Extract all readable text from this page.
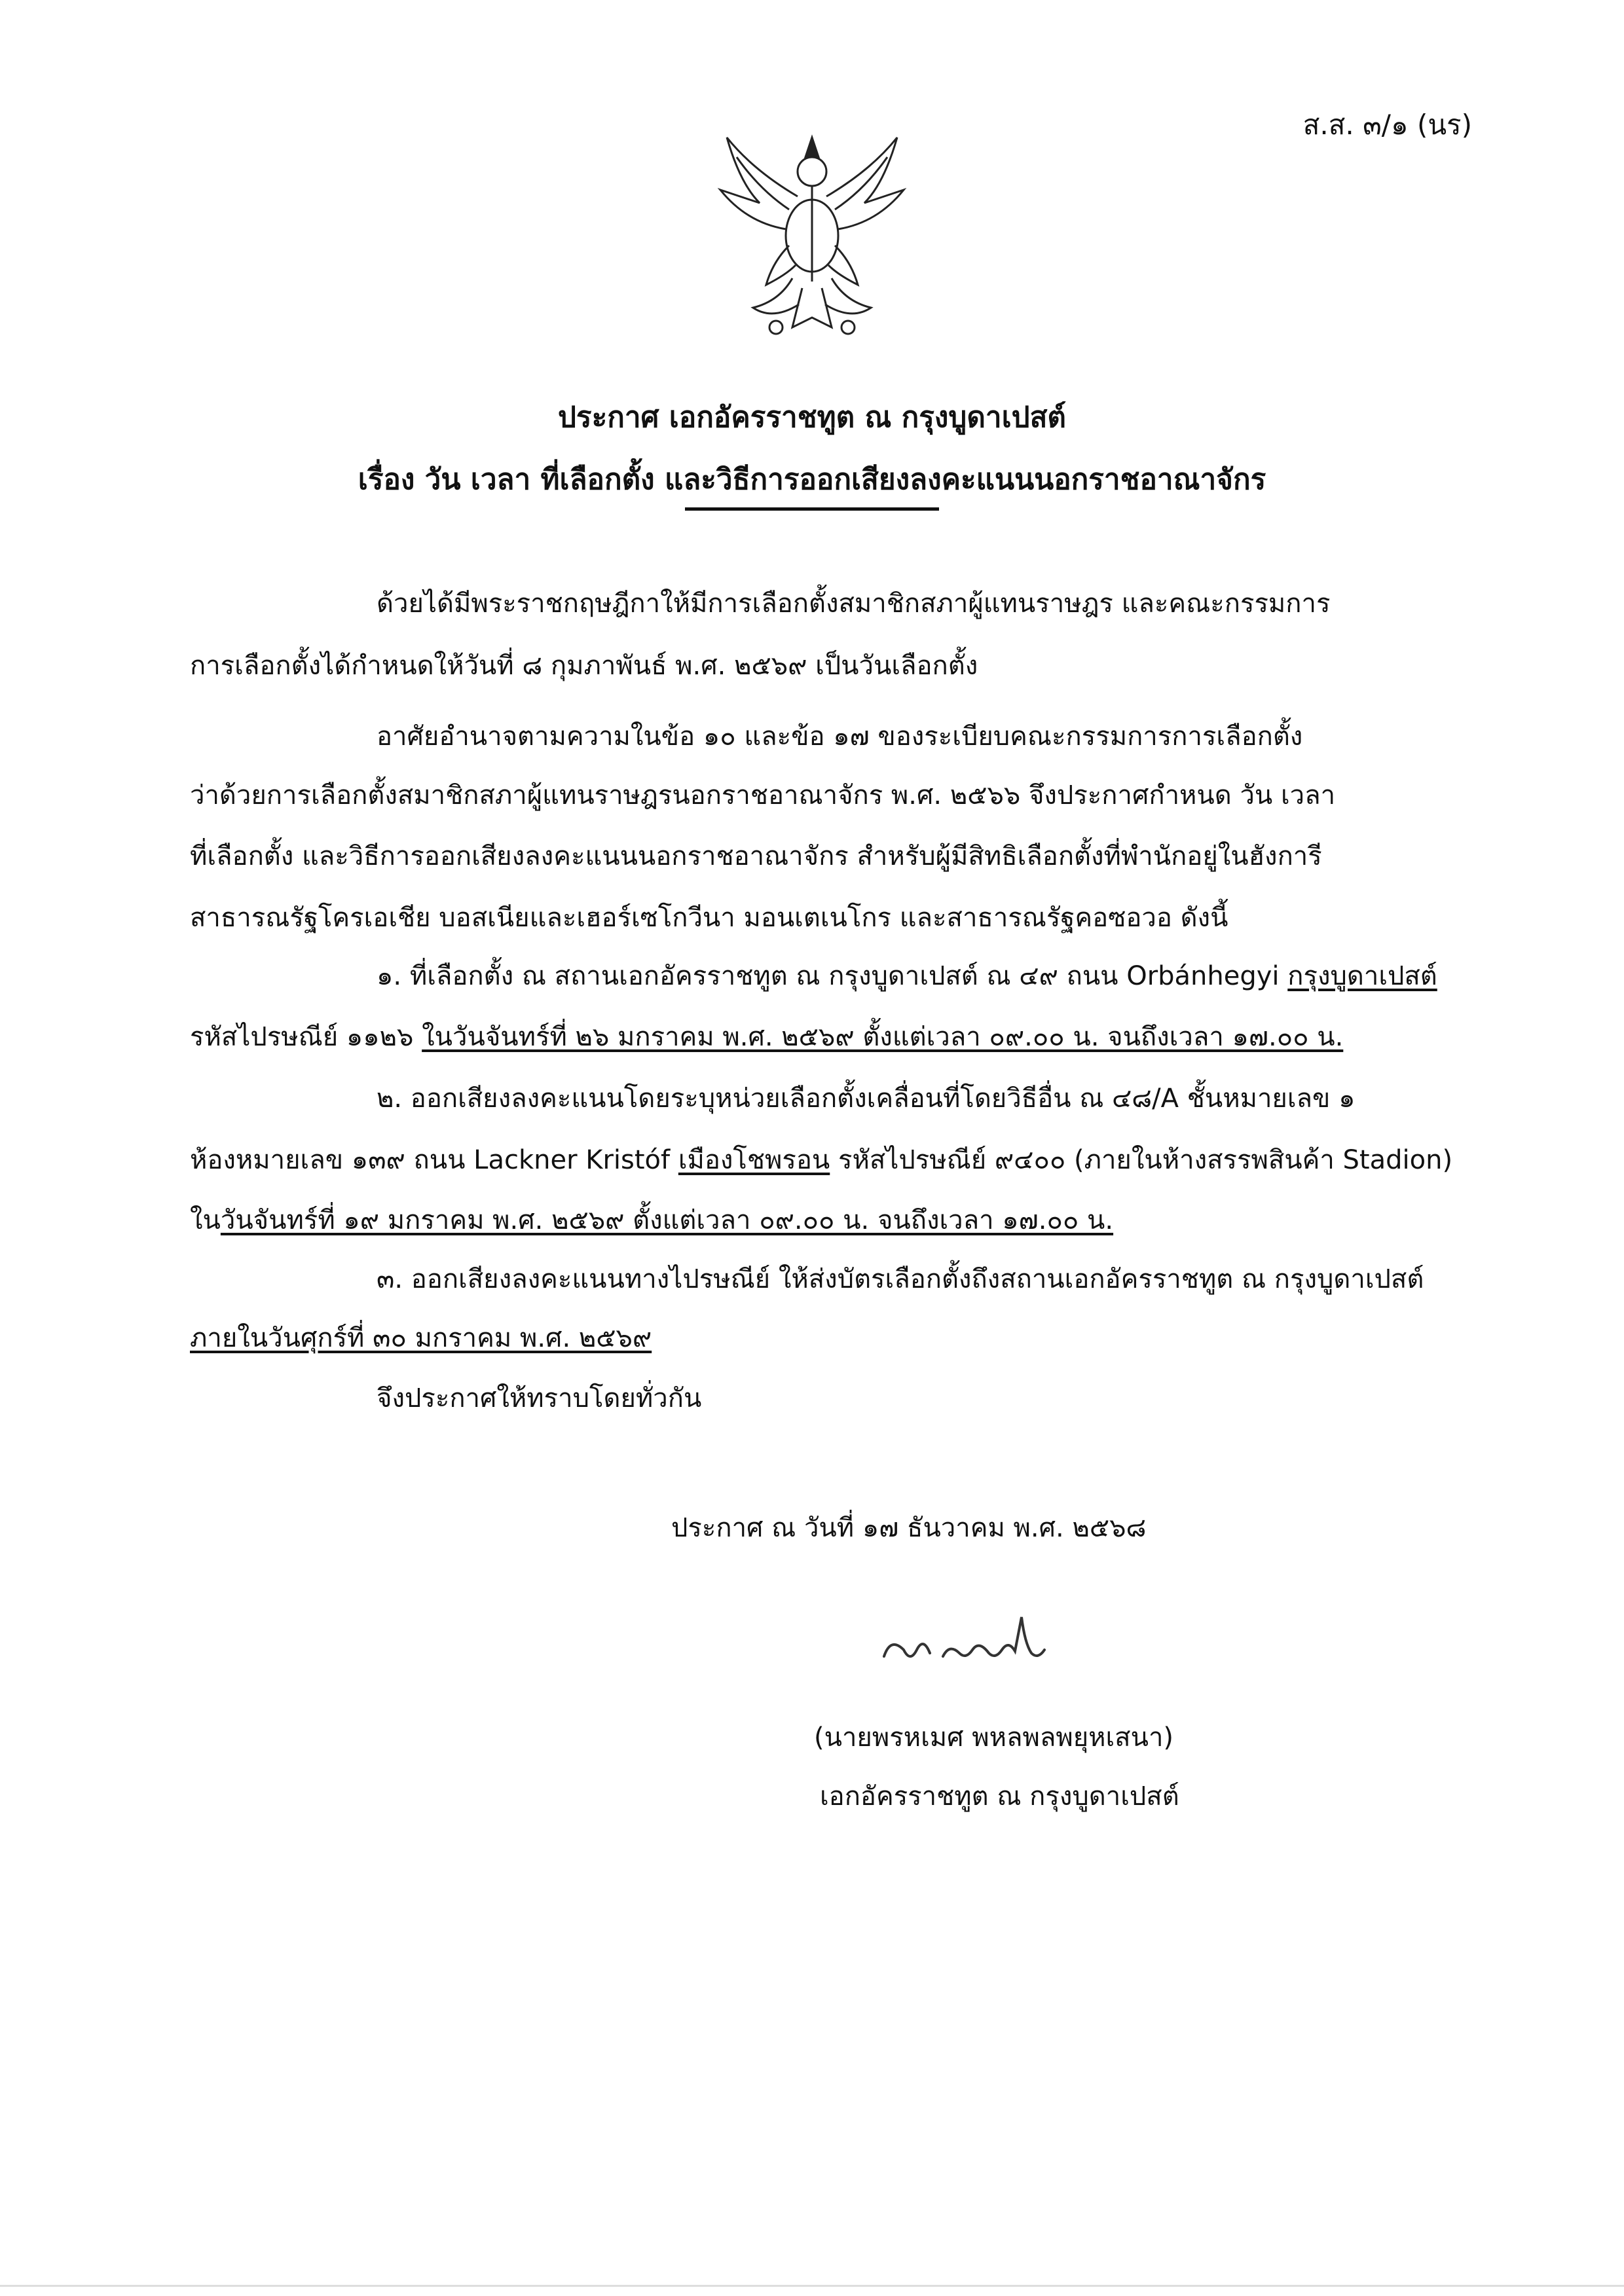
ส.ส. ๓/๑ (นร)
ประกาศ เอกอัครราชทูต ณ กรุงบูดาเปสต์
เรื่อง วัน เวลา ที่เลือกตั้ง และวิธีการออกเสียงลงคะแนนนอกราชอาณาจักร
ด้วยได้มีพระราชกฤษฎีกาให้มีการเลือกตั้งสมาชิกสภาผู้แทนราษฎร และคณะกรรมการ
การเลือกตั้งได้กำหนดให้วันที่ ๘ กุมภาพันธ์ พ.ศ. ๒๕๖๙ เป็นวันเลือกตั้ง
อาศัยอำนาจตามความในข้อ ๑๐ และข้อ ๑๗ ของระเบียบคณะกรรมการการเลือกตั้ง
ว่าด้วยการเลือกตั้งสมาชิกสภาผู้แทนราษฎรนอกราชอาณาจักร พ.ศ. ๒๕๖๖ จึงประกาศกำหนด วัน เวลา
ที่เลือกตั้ง และวิธีการออกเสียงลงคะแนนนอกราชอาณาจักร สำหรับผู้มีสิทธิเลือกตั้งที่พำนักอยู่ในฮังการี
สาธารณรัฐโครเอเชีย บอสเนียและเฮอร์เซโกวีนา มอนเตเนโกร และสาธารณรัฐคอซอวอ ดังนี้
๑. ที่เลือกตั้ง ณ สถานเอกอัครราชทูต ณ กรุงบูดาเปสต์ ณ ๔๙ ถนน Orbánhegyi กรุงบูดาเปสต์
รหัสไปรษณีย์ ๑๑๒๖ ในวันจันทร์ที่ ๒๖ มกราคม พ.ศ. ๒๕๖๙ ตั้งแต่เวลา ๐๙.๐๐ น. จนถึงเวลา ๑๗.๐๐ น.
๒. ออกเสียงลงคะแนนโดยระบุหน่วยเลือกตั้งเคลื่อนที่โดยวิธีอื่น ณ ๔๘/A ชั้นหมายเลข ๑
ห้องหมายเลข ๑๓๙ ถนน Lackner Kristóf เมืองโชพรอน รหัสไปรษณีย์ ๙๔๐๐ (ภายในห้างสรรพสินค้า Stadion)
ในวันจันทร์ที่ ๑๙ มกราคม พ.ศ. ๒๕๖๙ ตั้งแต่เวลา ๐๙.๐๐ น. จนถึงเวลา ๑๗.๐๐ น.
๓. ออกเสียงลงคะแนนทางไปรษณีย์ ให้ส่งบัตรเลือกตั้งถึงสถานเอกอัครราชทูต ณ กรุงบูดาเปสต์
ภายในวันศุกร์ที่ ๓๐ มกราคม พ.ศ. ๒๕๖๙
จึงประกาศให้ทราบโดยทั่วกัน
ประกาศ ณ วันที่ ๑๗ ธันวาคม พ.ศ. ๒๕๖๘
(นายพรหเมศ พหลพลพยุหเสนา)
เอกอัครราชทูต ณ กรุงบูดาเปสต์
